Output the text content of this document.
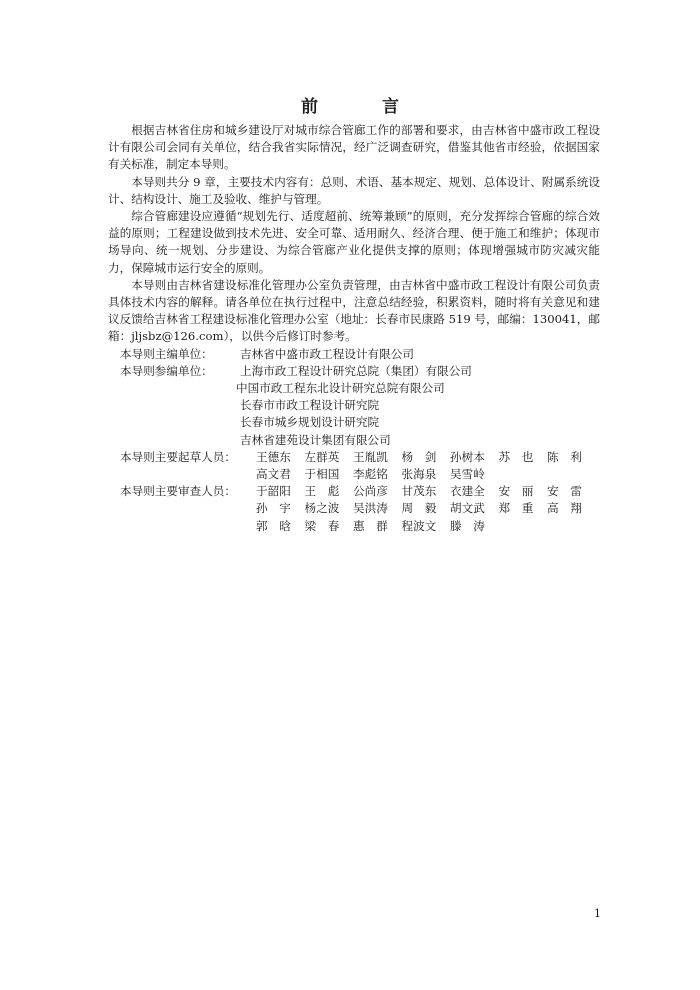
前	言

根据吉林省住房和城乡建设厅对城市综合管廊工作的部署和要求，由吉林省中盛市政工程设计有限公司会同有关单位，结合我省实际情况，经广泛调查研究，借鉴其他省市经验，依据国家有关标准，制定本导则。

本导则共分 9 章，主要技术内容有：总则、术语、基本规定、规划、总体设计、附属系统设计、结构设计、施工及验收、维护与管理。

综合管廊建设应遵循“规划先行、适度超前、统筹兼顾”的原则，充分发挥综合管廊的综合效益的原则；工程建设做到技术先进、安全可靠、适用耐久、经济合理、便于施工和维护；体现市场导向、统一规划、分步建设、为综合管廊产业化提供支撑的原则；体现增强城市防灾减灾能力，保障城市运行安全的原则。

本导则由吉林省建设标准化管理办公室负责管理，由吉林省中盛市政工程设计有限公司负责具体技术内容的解释。请各单位在执行过程中，注意总结经验，积累资料，随时将有关意见和建议反馈给吉林省工程建设标准化管理办公室（地址：长春市民康路 519 号，邮编：130041，邮箱：jljsbz@126.com），以供今后修订时参考。

本导则主编单位：	吉林省中盛市政工程设计有限公司
本导则参编单位：	上海市政工程设计研究总院（集团）有限公司
中国市政工程东北设计研究总院有限公司
长春市市政工程设计研究院
长春市城乡规划设计研究院
吉林省建苑设计集团有限公司
本导则主要起草人员：	王德东	左群英	王胤凯	杨　剑	孙树本	苏　也	陈　利
高文君	于相国	李彪铭	张海泉	吴雪岭
本导则主要审查人员：	于韶阳	王　彪	公尚彦	甘茂东	衣建全	安　丽	安　雷
孙　宇	杨之波	吴洪涛	周　毅	胡文武	郑　重	高　翔
郭　晗	梁　春	惠　群	程波文	滕　涛
1
